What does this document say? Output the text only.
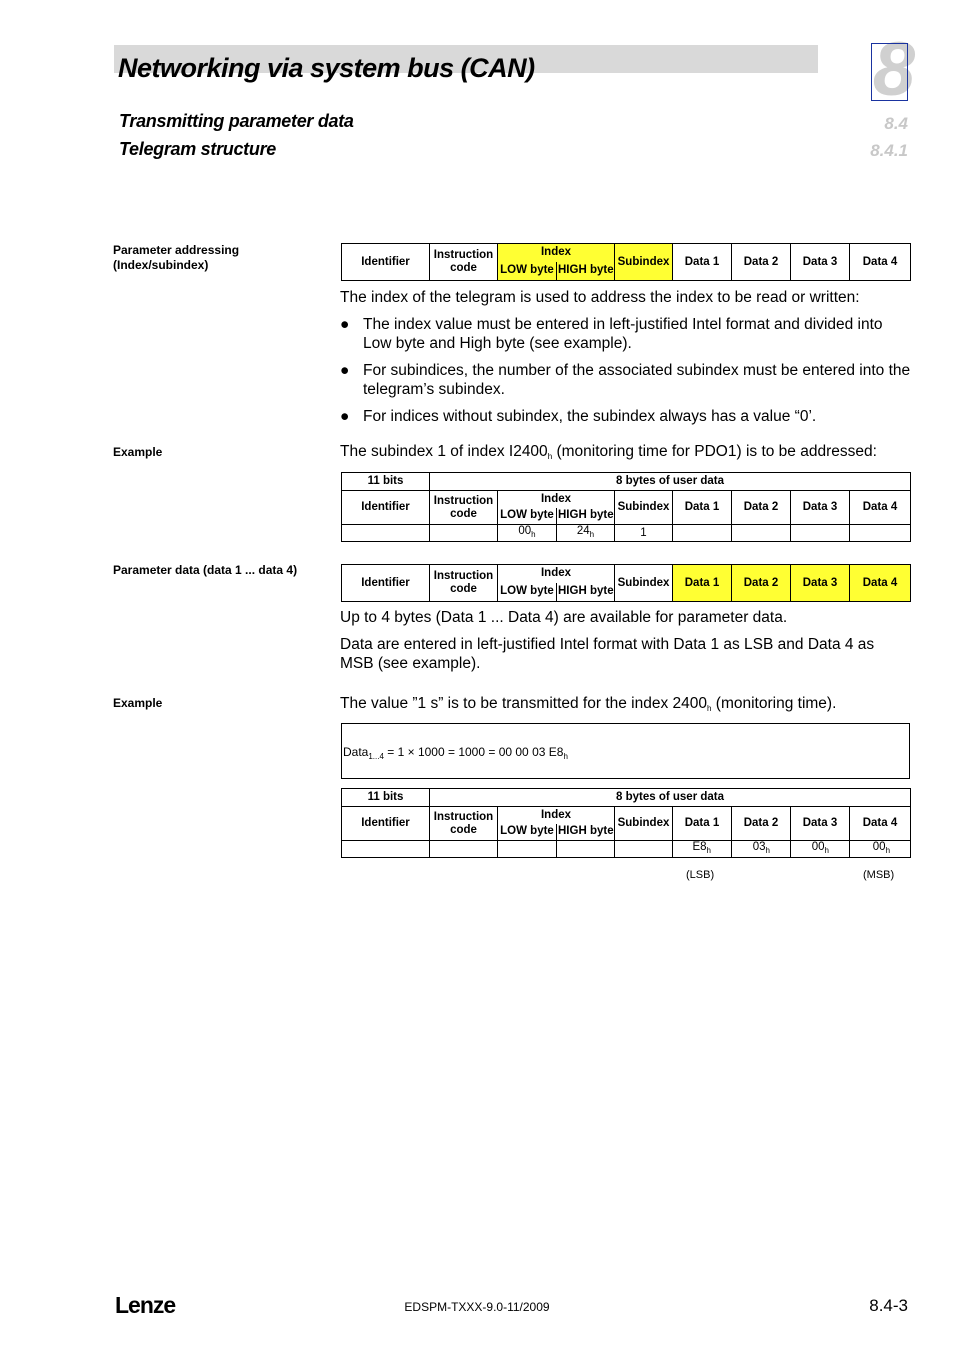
Networking via system bus (CAN)
Transmitting parameter data
Telegram structure
8
8.4
8.4.1
Parameter addressing (Index/subindex)
Example
Parameter data (data 1 ... data 4)
Example
Identifier	Instruction code	Index		Subindex	Data 1	Data 2	Data 3	Data 4
		LOW byte	HIGH byte					
The index of the telegram is used to address the index to be read or written:
● The index value must be entered in left-justified Intel format and divided into Low byte and High byte (see example).
● For subindices, the number of the associated subindex must be entered into the telegram’s subindex.
● For indices without subindex, the subindex always has a value “0’.
The subindex 1 of index $I2400_h$ (monitoring time for PDO1) is to be addressed:
11 bits	8 bytes of user data							
Identifier	Instruction code	Index		Subindex	Data 1	Data 2	Data 3	Data 4
		LOW byte	HIGH byte					
		$00_h$	$24_h$	1				
Identifier	Instruction code	Index		Subindex	Data 1	Data 2	Data 3	Data 4
		LOW byte	HIGH byte					
Up to 4 bytes (Data 1 ... Data 4) are available for parameter data.
Data are entered in left-justified Intel format with Data 1 as LSB and Data 4 as MSB (see example).
The value ”1 s” is to be transmitted for the index $2400_h$ (monitoring time).
Data$_{1...4}$ = 1 × 1000 = 1000 = 00 00 03 $E8_h$
11 bits	8 bytes of user data							
Identifier	Instruction code	Index		Subindex	Data 1	Data 2	Data 3	Data 4
		LOW byte	HIGH byte					
					$E8_h$	$03_h$	$00_h$	$00_h$
(LSB)	(MSB)
Lenze	EDSPM-TXXX-9.0-11/2009	8.4-3
